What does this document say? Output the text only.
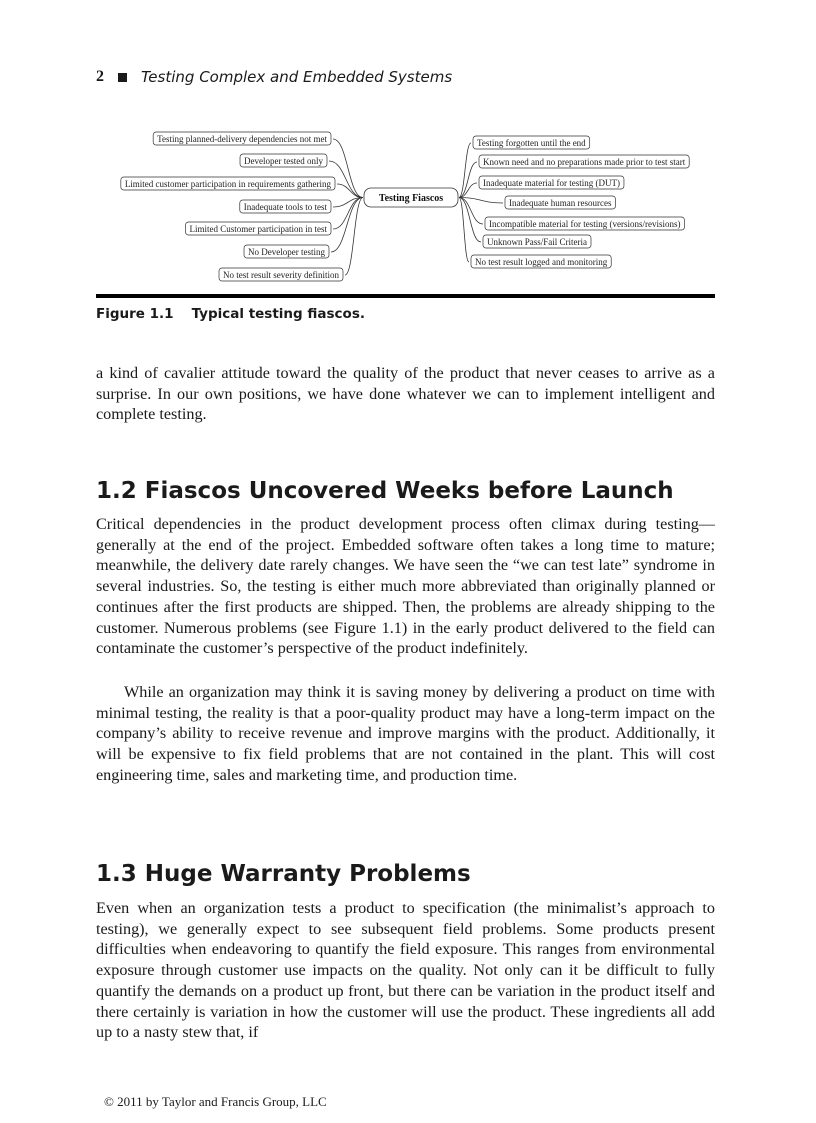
2 Testing Complex and Embedded Systems
Testing planned-delivery dependencies not met
Developer tested only
Limited customer participation in requirements gathering
Inadequate tools to test
Limited Customer participation in test
No Developer testing
No test result severity definition
Testing forgotten until the end
Known need and no preparations made prior to test start
Inadequate material for testing (DUT)
Inadequate human resources
Incompatible material for testing (versions/revisions)
Unknown Pass/Fail Criteria
No test result logged and monitoring
Testing Fiascos
Figure 1.1 Typical testing fiascos.

a kind of cavalier attitude toward the quality of the product that never ceases to arrive as a surprise. In our own positions, we have done whatever we can to implement intelligent and complete testing.

1.2 Fiascos Uncovered Weeks before Launch

Critical dependencies in the product development process often climax during testing—generally at the end of the project. Embedded software often takes a long time to mature; meanwhile, the delivery date rarely changes. We have seen the “we can test late” syndrome in several industries. So, the testing is either much more abbreviated than originally planned or continues after the first products are shipped. Then, the problems are already shipping to the customer. Numerous problems (see Figure 1.1) in the early product delivered to the field can contaminate the customer’s perspective of the product indefinitely.

While an organization may think it is saving money by delivering a product on time with minimal testing, the reality is that a poor-quality product may have a long-term impact on the company’s ability to receive revenue and improve margins with the product. Additionally, it will be expensive to fix field problems that are not contained in the plant. This will cost engineering time, sales and marketing time, and production time.

1.3 Huge Warranty Problems

Even when an organization tests a product to specification (the minimalist’s approach to testing), we generally expect to see subsequent field problems. Some products present difficulties when endeavoring to quantify the field exposure. This ranges from environmental exposure through customer use impacts on the quality. Not only can it be difficult to fully quantify the demands on a product up front, but there can be variation in the product itself and there certainly is variation in how the customer will use the product. These ingredients all add up to a nasty stew that, if

© 2011 by Taylor and Francis Group, LLC
